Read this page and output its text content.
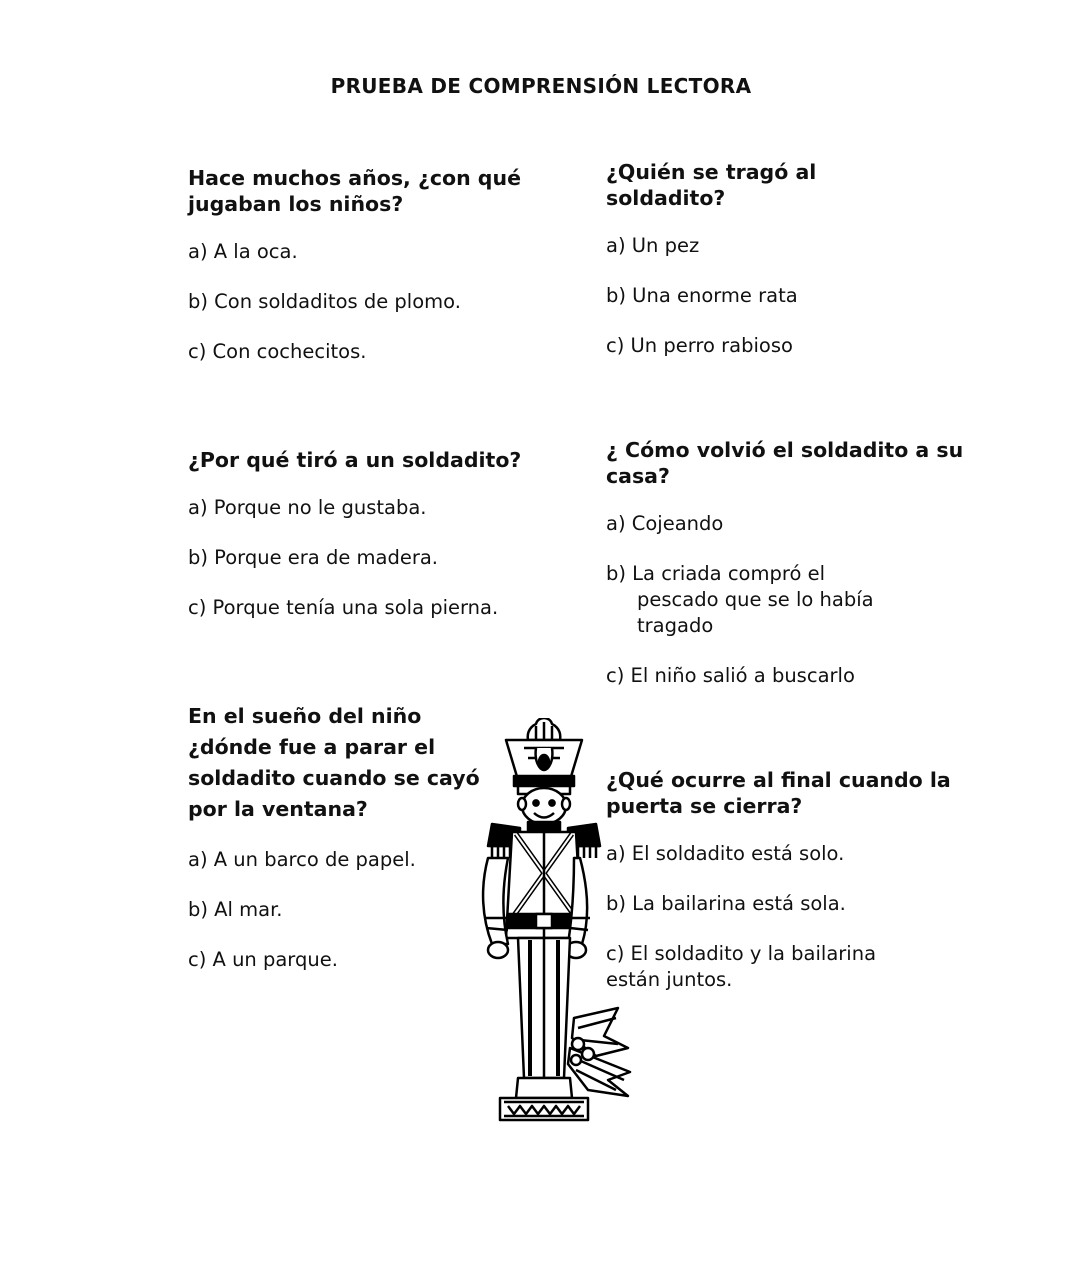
PRUEBA DE COMPRENSIÓN LECTORA
Hace muchos años, ¿con qué jugaban los niños?
a) A la oca.
b) Con soldaditos de plomo.
c) Con cochecitos.
¿Quién se tragó al soldadito?
a) Un pez
b) Una enorme rata
c) Un perro rabioso
¿Por qué tiró a un soldadito?
a) Porque no le gustaba.
b) Porque era de madera.
c) Porque tenía una sola pierna.
¿ Cómo volvió el soldadito a su casa?
a) Cojeando
b) La criada compró el pescado que se lo había tragado
c) El niño salió a buscarlo
En el sueño del niño ¿dónde fue a parar el soldadito cuando se cayó por la ventana?
a) A un barco de papel.
b) Al mar.
c) A un parque.
¿Qué ocurre al final cuando la puerta se cierra?
a) El soldadito está solo.
b) La bailarina está sola.
c) El soldadito y la bailarina están juntos.
